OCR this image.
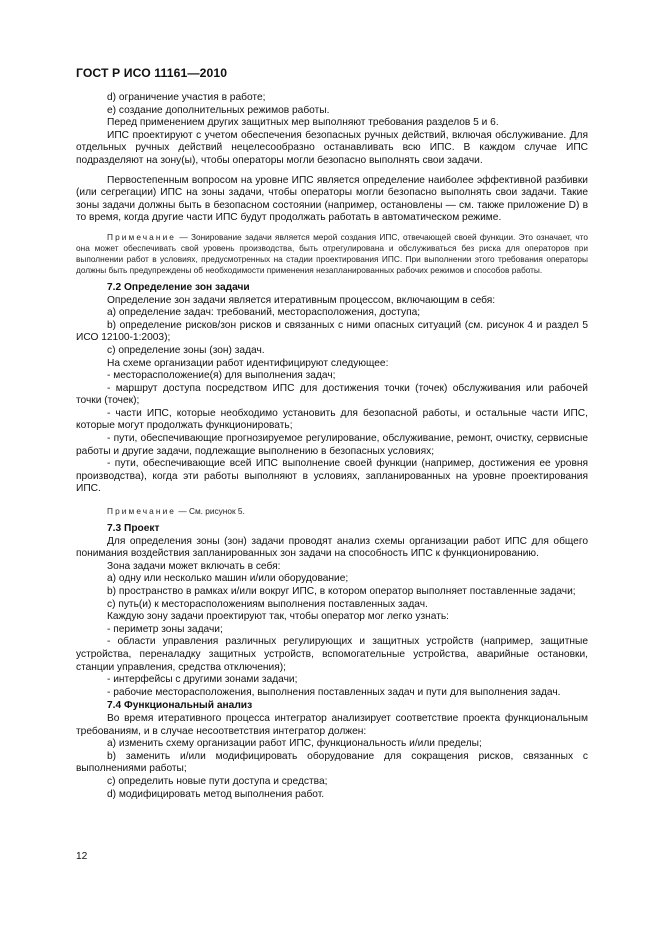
ГОСТ Р ИСО 11161—2010
d) ограничение участия в работе;
e) создание дополнительных режимов работы.
Перед применением других защитных мер выполняют требования разделов 5 и 6.
ИПС проектируют с учетом обеспечения безопасных ручных действий, включая обслуживание. Для отдельных ручных действий нецелесообразно останавливать всю ИПС. В каждом случае ИПС подразделяют на зону(ы), чтобы операторы могли безопасно выполнять свои задачи.
Первостепенным вопросом на уровне ИПС является определение наиболее эффективной разбивки (или сегрегации) ИПС на зоны задачи, чтобы операторы могли безопасно выполнять свои задачи. Такие зоны задачи должны быть в безопасном состоянии (например, остановлены — см. также приложение D) в то время, когда другие части ИПС будут продолжать работать в автоматическом режиме.
Примечание — Зонирование задачи является мерой создания ИПС, отвечающей своей функции. Это означает, что она может обеспечивать свой уровень производства, быть отрегулирована и обслуживаться без риска для операторов при выполнении работ в условиях, предусмотренных на стадии проектирования ИПС. При выполнении этого требования операторы должны быть предупреждены об необходимости применения незапланированных рабочих режимов и способов работы.
7.2 Определение зон задачи
Определение зон задачи является итеративным процессом, включающим в себя:
a) определение задач: требований, месторасположения, доступа;
b) определение рисков/зон рисков и связанных с ними опасных ситуаций (см. рисунок 4 и раздел 5 ИСО 12100-1:2003);
c) определение зоны (зон) задач.
На схеме организации работ идентифицируют следующее:
- месторасположение(я) для выполнения задач;
- маршрут доступа посредством ИПС для достижения точки (точек) обслуживания или рабочей точки (точек);
- части ИПС, которые необходимо установить для безопасной работы, и остальные части ИПС, которые могут продолжать функционировать;
- пути, обеспечивающие прогнозируемое регулирование, обслуживание, ремонт, очистку, сервисные работы и другие задачи, подлежащие выполнению в безопасных условиях;
- пути, обеспечивающие всей ИПС выполнение своей функции (например, достижения ее уровня производства), когда эти работы выполняют в условиях, запланированных на уровне проектирования ИПС.
Примечание — См. рисунок 5.
7.3 Проект
Для определения зоны (зон) задачи проводят анализ схемы организации работ ИПС для общего понимания воздействия запланированных зон задачи на способность ИПС к функционированию.
Зона задачи может включать в себя:
a) одну или несколько машин и/или оборудование;
b) пространство в рамках и/или вокруг ИПС, в котором оператор выполняет поставленные задачи;
c) путь(и) к месторасположениям выполнения поставленных задач.
Каждую зону задачи проектируют так, чтобы оператор мог легко узнать:
- периметр зоны задачи;
- области управления различных регулирующих и защитных устройств (например, защитные устройства, переналадку защитных устройств, вспомогательные устройства, аварийные остановки, станции управления, средства отключения);
- интерфейсы с другими зонами задачи;
- рабочие месторасположения, выполнения поставленных задач и пути для выполнения задач.
7.4 Функциональный анализ
Во время итеративного процесса интегратор анализирует соответствие проекта функциональным требованиям, и в случае несоответствия интегратор должен:
a) изменить схему организации работ ИПС, функциональность и/или пределы;
b) заменить и/или модифицировать оборудование для сокращения рисков, связанных с выполнениями работы;
c) определить новые пути доступа и средства;
d) модифицировать метод выполнения работ.
12
